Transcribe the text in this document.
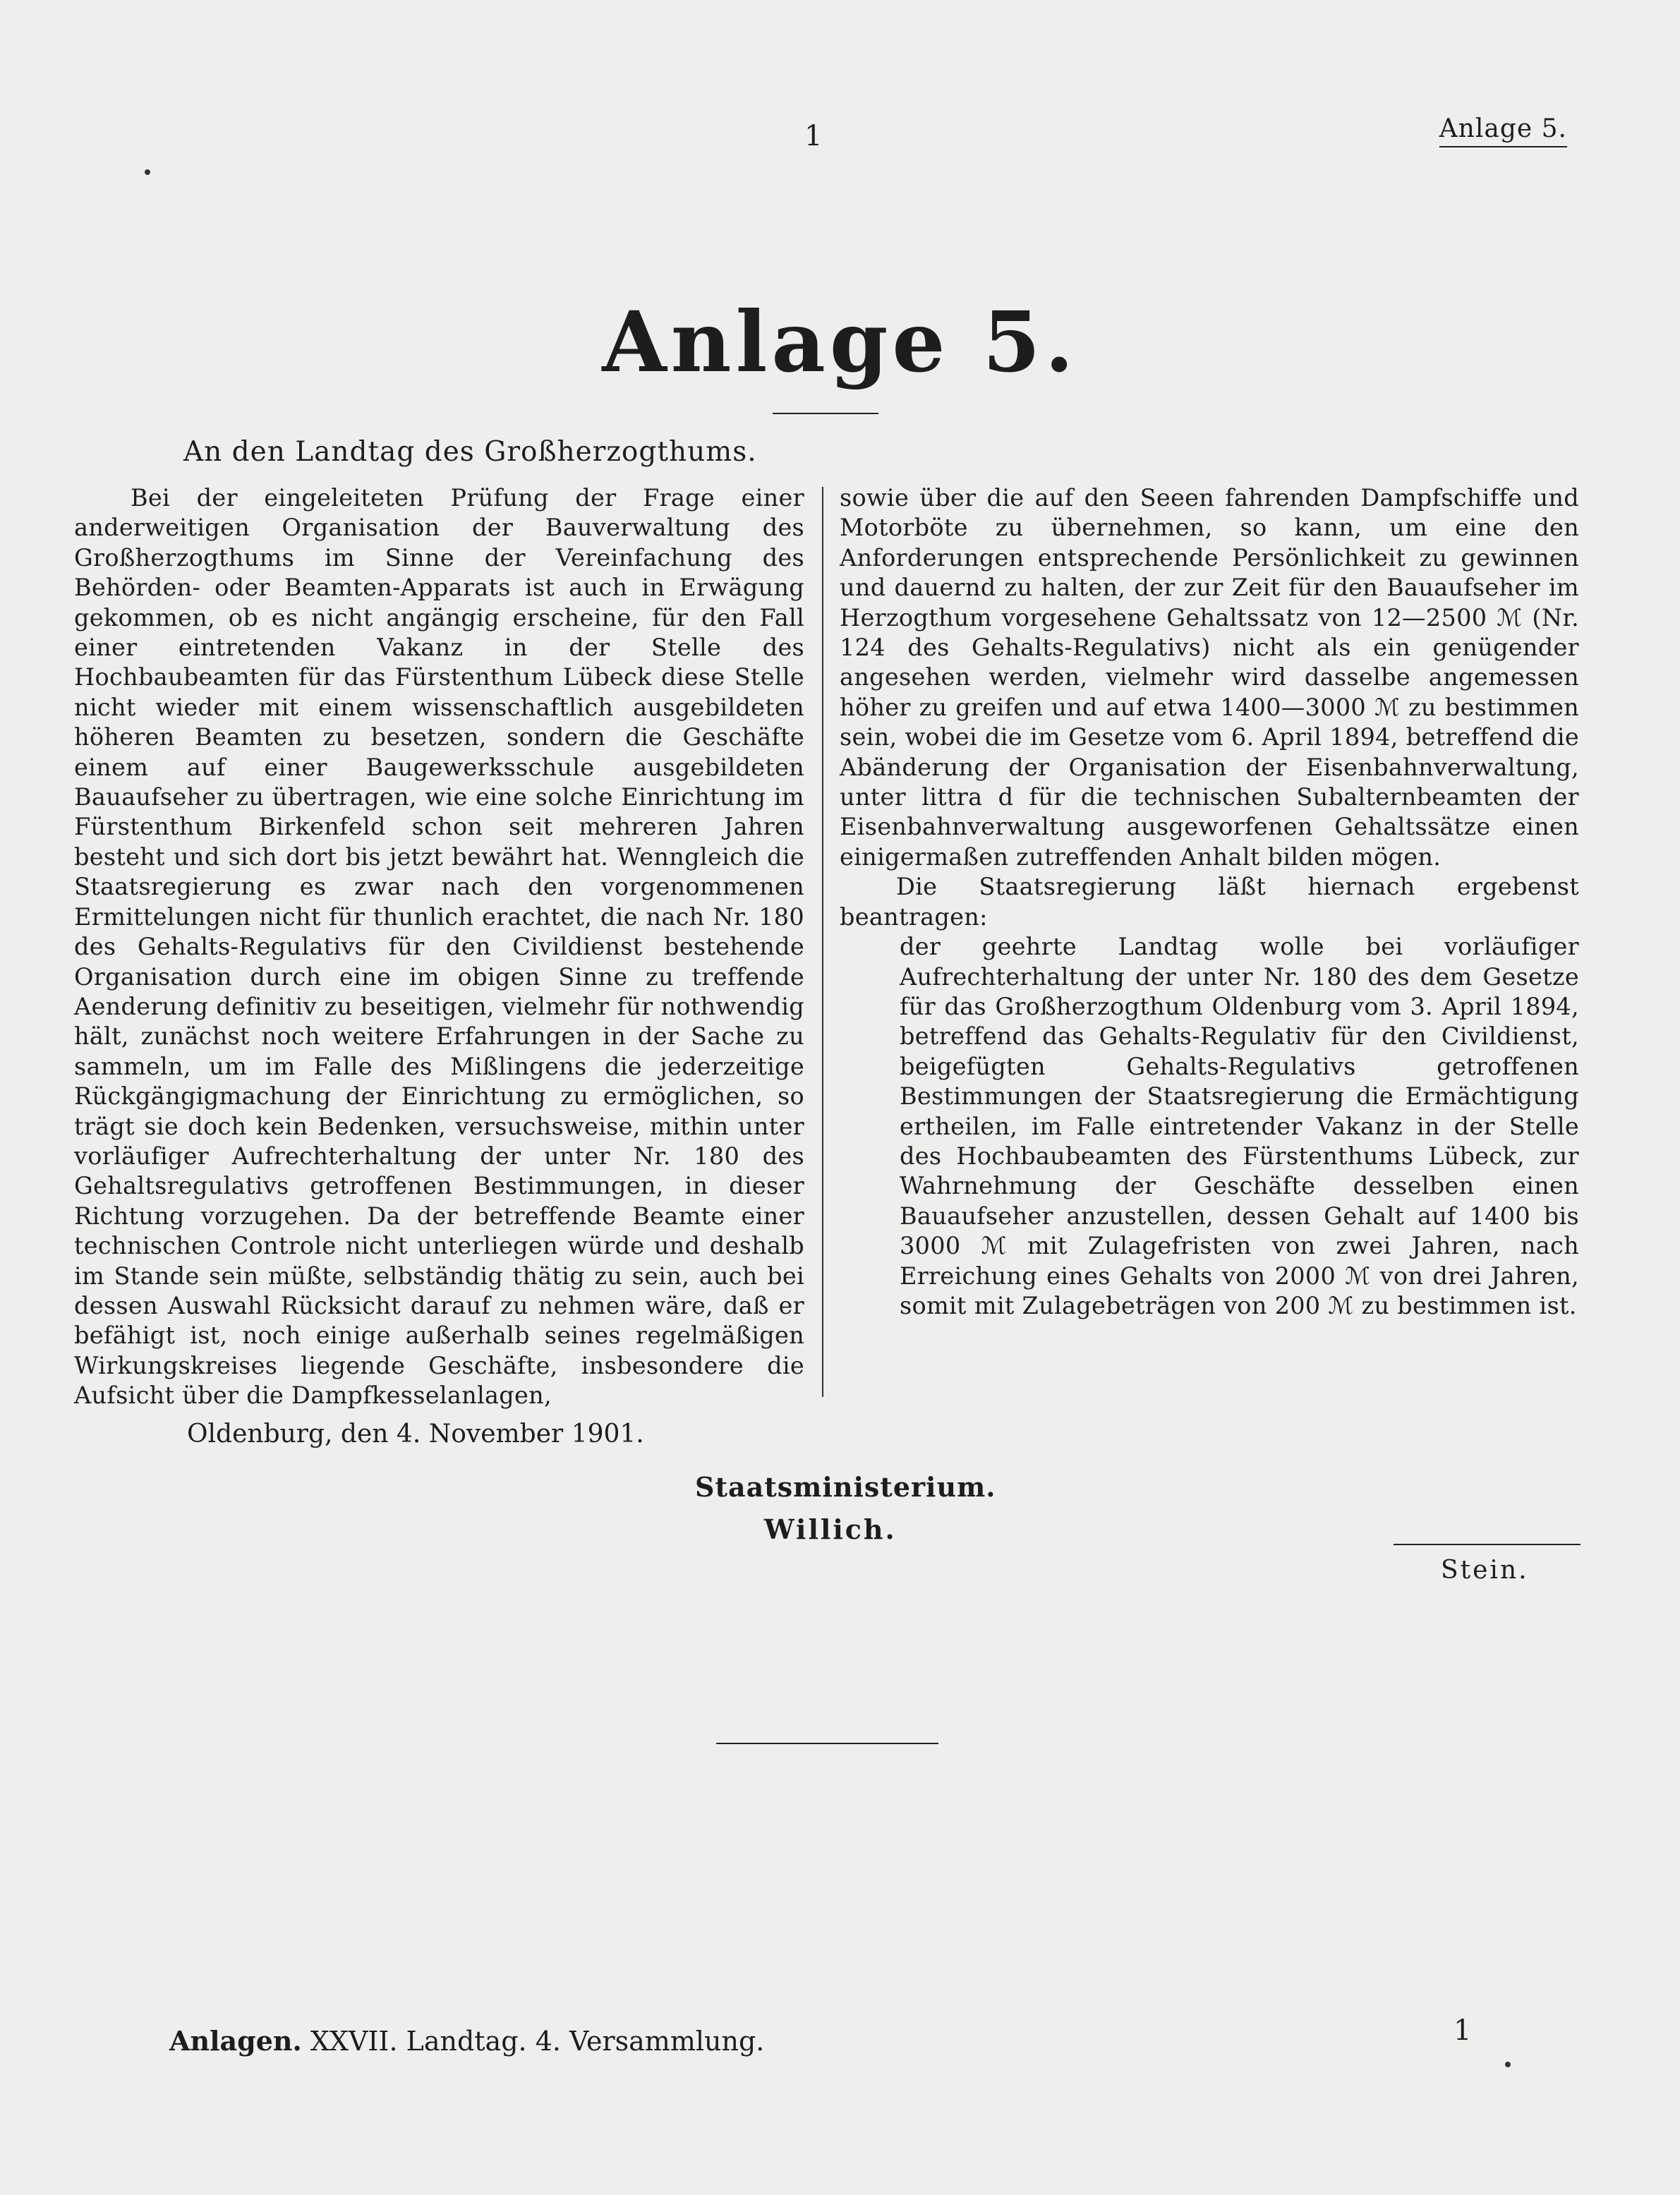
1	Anlage 5.
Anlage 5.
An den Landtag des Großherzogthums.

Bei der eingeleiteten Prüfung der Frage einer anderweitigen Organisation der Bauverwaltung des Großherzogthums im Sinne der Vereinfachung des Behörden- oder Beamten-Apparats ist auch in Erwägung gekommen, ob es nicht angängig erscheine, für den Fall einer eintretenden Vakanz in der Stelle des Hochbaubeamten für das Fürstenthum Lübeck diese Stelle nicht wieder mit einem wissenschaftlich ausgebildeten höheren Beamten zu besetzen, sondern die Geschäfte einem auf einer Baugewerksschule ausgebildeten Bauaufseher zu übertragen, wie eine solche Einrichtung im Fürstenthum Birkenfeld schon seit mehreren Jahren besteht und sich dort bis jetzt bewährt hat. Wenngleich die Staatsregierung es zwar nach den vorgenommenen Ermittelungen nicht für thunlich erachtet, die nach Nr. 180 des Gehalts-Regulativs für den Civildienst bestehende Organisation durch eine im obigen Sinne zu treffende Aenderung definitiv zu beseitigen, vielmehr für nothwendig hält, zunächst noch weitere Erfahrungen in der Sache zu sammeln, um im Falle des Mißlingens die jederzeitige Rückgängigmachung der Einrichtung zu ermöglichen, so trägt sie doch kein Bedenken, versuchsweise, mithin unter vorläufiger Aufrechterhaltung der unter Nr. 180 des Gehaltsregulativs getroffenen Bestimmungen, in dieser Richtung vorzugehen. Da der betreffende Beamte einer technischen Controle nicht unterliegen würde und deshalb im Stande sein müßte, selbständig thätig zu sein, auch bei dessen Auswahl Rücksicht darauf zu nehmen wäre, daß er befähigt ist, noch einige außerhalb seines regelmäßigen Wirkungskreises liegende Geschäfte, insbesondere die Aufsicht über die Dampfkesselanlagen,

sowie über die auf den Seeen fahrenden Dampfschiffe und Motorböte zu übernehmen, so kann, um eine den Anforderungen entsprechende Persönlichkeit zu gewinnen und dauernd zu halten, der zur Zeit für den Bauaufseher im Herzogthum vorgesehene Gehaltssatz von 12—2500 ℳ (Nr. 124 des Gehalts-Regulativs) nicht als ein genügender angesehen werden, vielmehr wird dasselbe angemessen höher zu greifen und auf etwa 1400—3000 ℳ zu bestimmen sein, wobei die im Gesetze vom 6. April 1894, betreffend die Abänderung der Organisation der Eisenbahnverwaltung, unter littra d für die technischen Subalternbeamten der Eisenbahnverwaltung ausgeworfenen Gehaltssätze einen einigermaßen zutreffenden Anhalt bilden mögen.

Die Staatsregierung läßt hiernach ergebenst beantragen:

der geehrte Landtag wolle bei vorläufiger Aufrechterhaltung der unter Nr. 180 des dem Gesetze für das Großherzogthum Oldenburg vom 3. April 1894, betreffend das Gehalts-Regulativ für den Civildienst, beigefügten Gehalts-Regulativs getroffenen Bestimmungen der Staatsregierung die Ermächtigung ertheilen, im Falle eintretender Vakanz in der Stelle des Hochbaubeamten des Fürstenthums Lübeck, zur Wahrnehmung der Geschäfte desselben einen Bauaufseher anzustellen, dessen Gehalt auf 1400 bis 3000 ℳ mit Zulagefristen von zwei Jahren, nach Erreichung eines Gehalts von 2000 ℳ von drei Jahren, somit mit Zulagebeträgen von 200 ℳ zu bestimmen ist.

Oldenburg, den 4. November 1901.
Staatsministerium.
Willich.
Stein.
Anlagen. XXVII. Landtag. 4. Versammlung.	1
